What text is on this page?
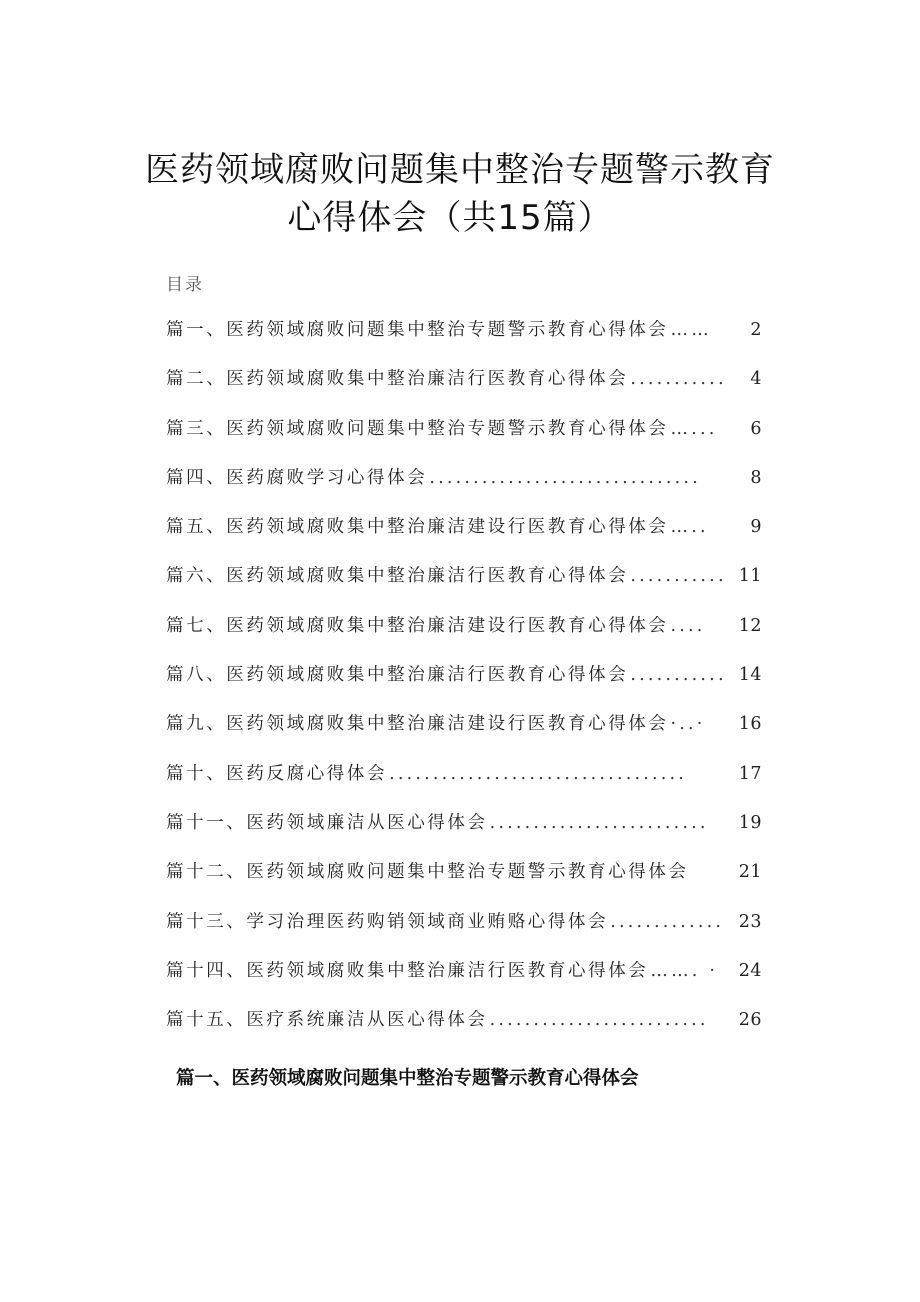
医药领域腐败问题集中整治专题警示教育
心得体会（共15篇）
目录
篇一、医药领域腐败问题集中整治专题警示教育心得体会 ……	2
篇二、医药领域腐败集中整治廉洁行医教育心得体会 ...........	4
篇三、医药领域腐败问题集中整治专题警示教育心得体会 …...	6
篇四、医药腐败学习心得体会 ...............................	8
篇五、医药领域腐败集中整治廉洁建设行医教育心得体会 …..	9
篇六、医药领域腐败集中整治廉洁行医教育心得体会 ........... 11
篇七、医药领域腐败集中整治廉洁建设行医教育心得体会 ....	12
篇八、医药领域腐败集中整治廉洁行医教育心得体会 ........... 14
篇九、医药领域腐败集中整治廉洁建设行医教育心得体会 ·..·	16
篇十、医药反腐心得体会 ..................................	17
篇十一、医药领域廉洁从医心得体会 .........................	19
篇十二、医药领域腐败问题集中整治专题警示教育心得体会	21
篇十三、学习治理医药购销领域商业贿赂心得体会 ............. 23
篇十四、医药领域腐败集中整治廉洁行医教育心得体会 ……. ·	24
篇十五、医疗系统廉洁从医心得体会 .........................	26
篇一、医药领域腐败问题集中整治专题警示教育心得体会
